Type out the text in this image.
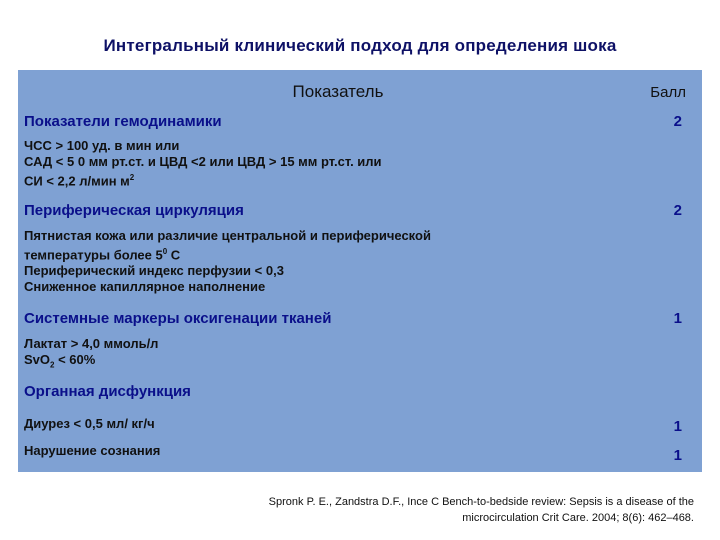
Интегральный клинический подход для определения шока
Показатель	Балл
Показатели гемодинамики	2
ЧСС > 100 уд. в мин или
САД < 5 0 мм рт.ст. и ЦВД <2 или ЦВД > 15 мм рт.ст. или
СИ < 2,2 л/мин $м^2$
Периферическая циркуляция	2
Пятнистая кожа или различие центральной и периферической
температуры более $5^0$ С
Периферический индекс перфузии < 0,3
Сниженное капиллярное наполнение
Системные маркеры оксигенации тканей	1
Лактат > 4,0 ммоль/л
SvO$_2$ < 60%
Органная дисфункция
Диурез < 0,5 мл/ кг/ч	1
Нарушение сознания	1
Spronk P. E., Zandstra D.F., Ince C Bench-to-bedside review: Sepsis is a disease of the
microcirculation Crit Care. 2004; 8(6): 462–468.
